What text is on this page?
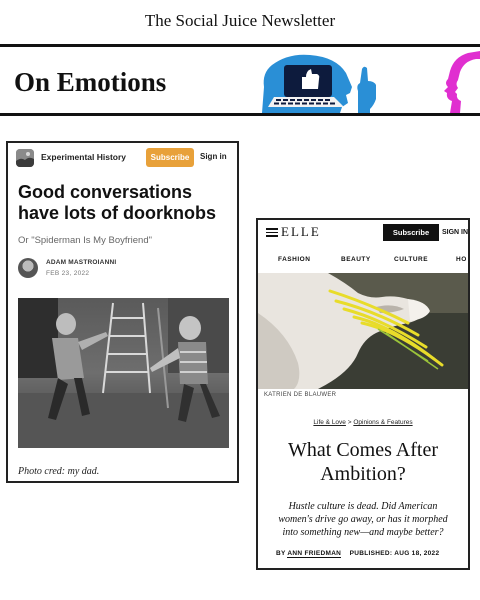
The Social Juice Newsletter
On Emotions
Experimental History	Subscribe	Sign in
Good conversations have lots of doorknobs
Or "Spiderman Is My Boyfriend"
ADAM MASTROIANNI
FEB 23, 2022
Photo cred: my dad.
ELLE	Subscribe	SIGN IN
FASHION	BEAUTY	CULTURE	HO
KATRIEN DE BLAUWER
Life & Love > Opinions & Features
What Comes After Ambition?
Hustle culture is dead. Did American women's drive go away, or has it morphed into something new—and maybe better?
BY ANN FRIEDMAN PUBLISHED: AUG 18, 2022
